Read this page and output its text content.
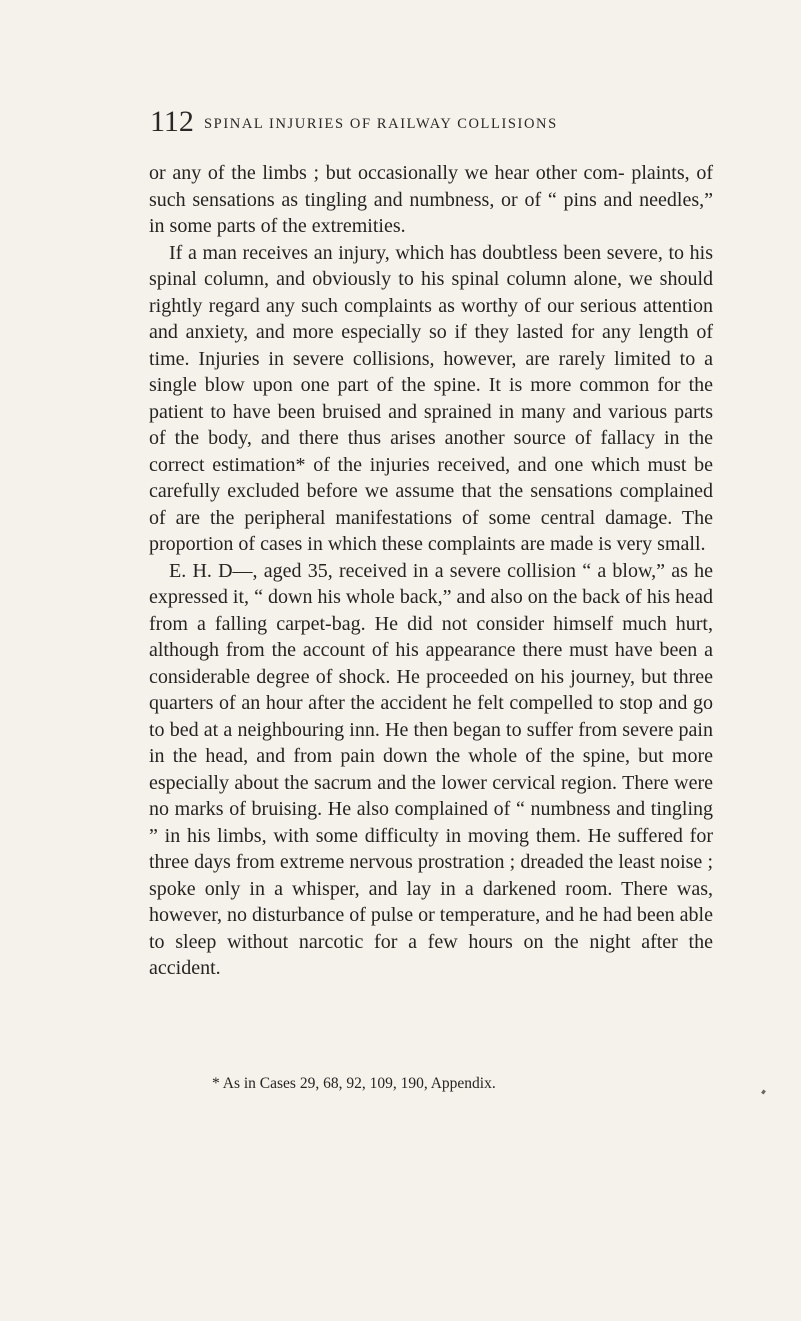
112 SPINAL INJURIES OF RAILWAY COLLISIONS

or any of the limbs ; but occasionally we hear other com- plaints, of such sensations as tingling and numbness, or of “ pins and needles,” in some parts of the extremities.

If a man receives an injury, which has doubtless been severe, to his spinal column, and obviously to his spinal column alone, we should rightly regard any such complaints as worthy of our serious attention and anxiety, and more especially so if they lasted for any length of time. Injuries in severe collisions, however, are rarely limited to a single blow upon one part of the spine. It is more common for the patient to have been bruised and sprained in many and various parts of the body, and there thus arises another source of fallacy in the correct estimation* of the injuries received, and one which must be carefully excluded before we assume that the sensations complained of are the peripheral manifestations of some central damage. The proportion of cases in which these complaints are made is very small.

E. H. D—, aged 35, received in a severe collision “ a blow,” as he expressed it, “ down his whole back,” and also on the back of his head from a falling carpet-bag. He did not consider himself much hurt, although from the account of his appearance there must have been a considerable degree of shock. He proceeded on his journey, but three quarters of an hour after the accident he felt compelled to stop and go to bed at a neighbouring inn. He then began to suffer from severe pain in the head, and from pain down the whole of the spine, but more especially about the sacrum and the lower cervical region. There were no marks of bruising. He also complained of “ numbness and tingling ” in his limbs, with some difficulty in moving them. He suffered for three days from extreme nervous prostration ; dreaded the least noise ; spoke only in a whisper, and lay in a darkened room. There was, however, no disturbance of pulse or temperature, and he had been able to sleep without narcotic for a few hours on the night after the accident.

* As in Cases 29, 68, 92, 109, 190, Appendix.
